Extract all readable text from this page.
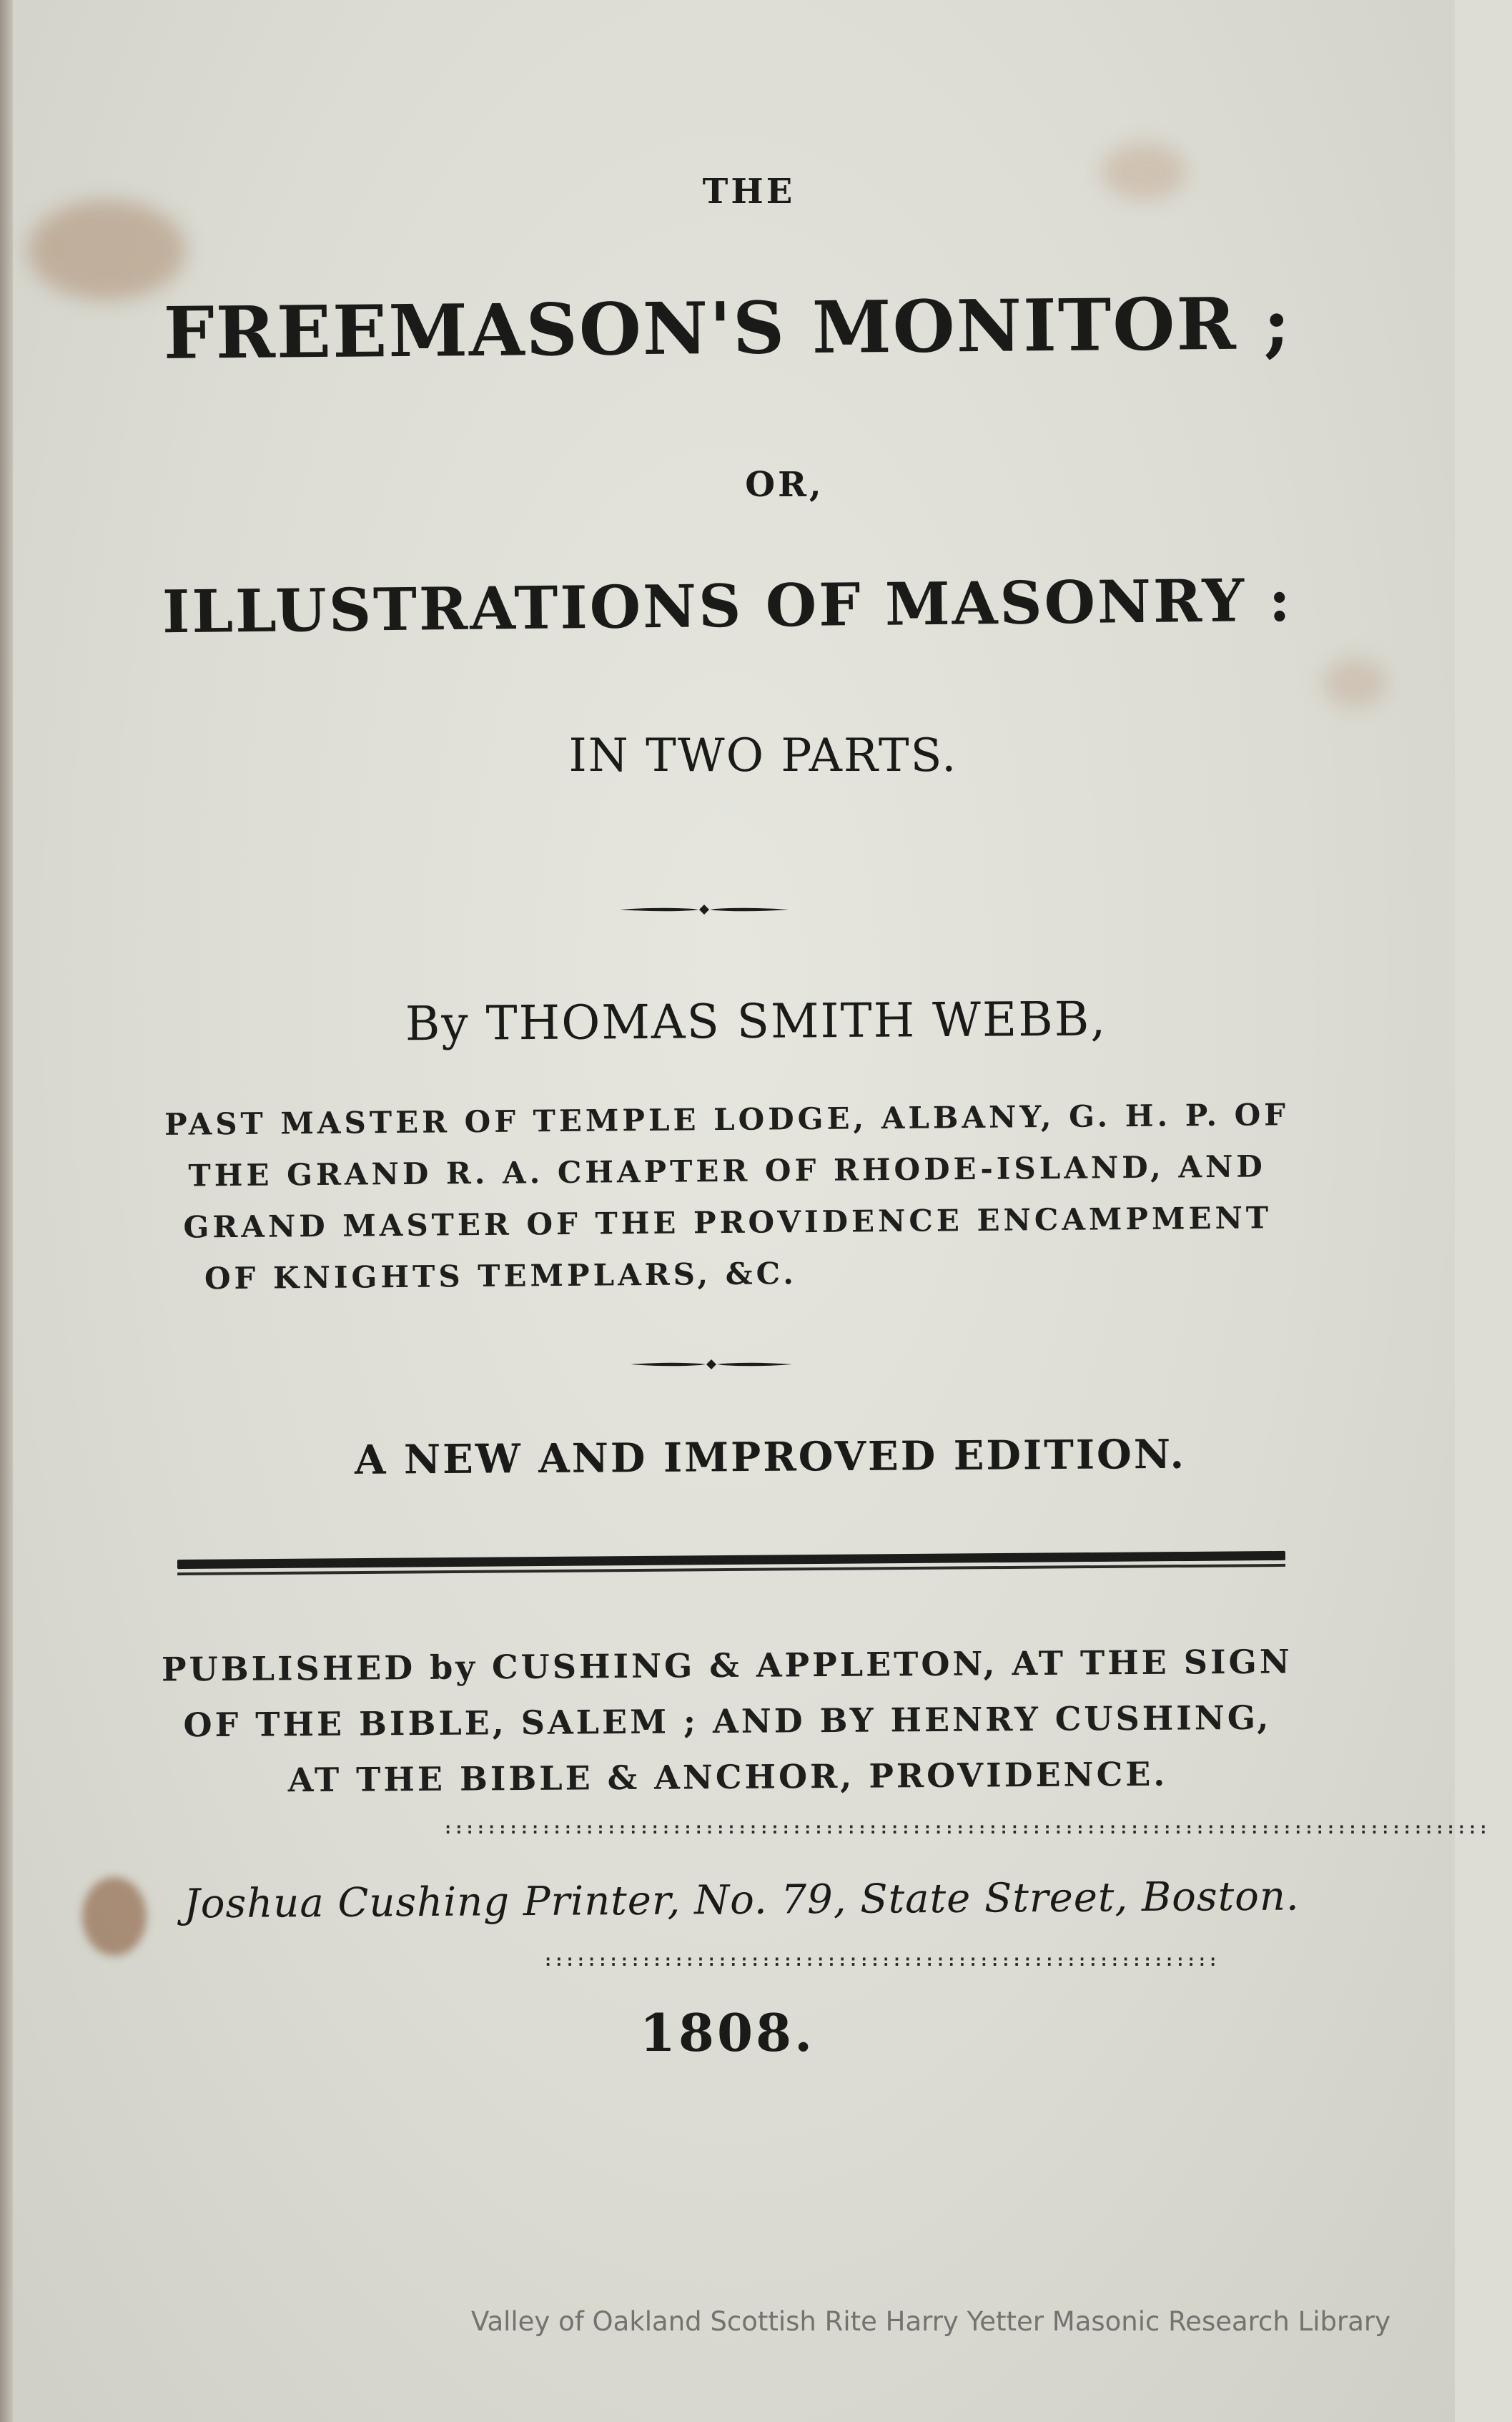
THE
FREEMASON'S MONITOR ;
OR,
ILLUSTRATIONS OF MASONRY :
IN TWO PARTS.
By THOMAS SMITH WEBB,
PAST MASTER OF TEMPLE LODGE, ALBANY, G. H. P. OF
THE GRAND R. A. CHAPTER OF RHODE-ISLAND, AND
GRAND MASTER OF THE PROVIDENCE ENCAMPMENT
OF KNIGHTS TEMPLARS, &C.
A NEW AND IMPROVED EDITION.
PUBLISHED by CUSHING & APPLETON, AT THE SIGN
OF THE BIBLE, SALEM ; AND BY HENRY CUSHING,
AT THE BIBLE & ANCHOR, PROVIDENCE.
::::::::::::::::::::::::::::::::::::::::::::::::::::::::::::::::::::::::::::::::::::::::::::::::
Joshua Cushing Printer, No. 79, State Street, Boston.
::::::::::::::::::::::::::::::::::::::::::::::::::::::::::::::
1808.
Valley of Oakland Scottish Rite Harry Yetter Masonic Research Library
